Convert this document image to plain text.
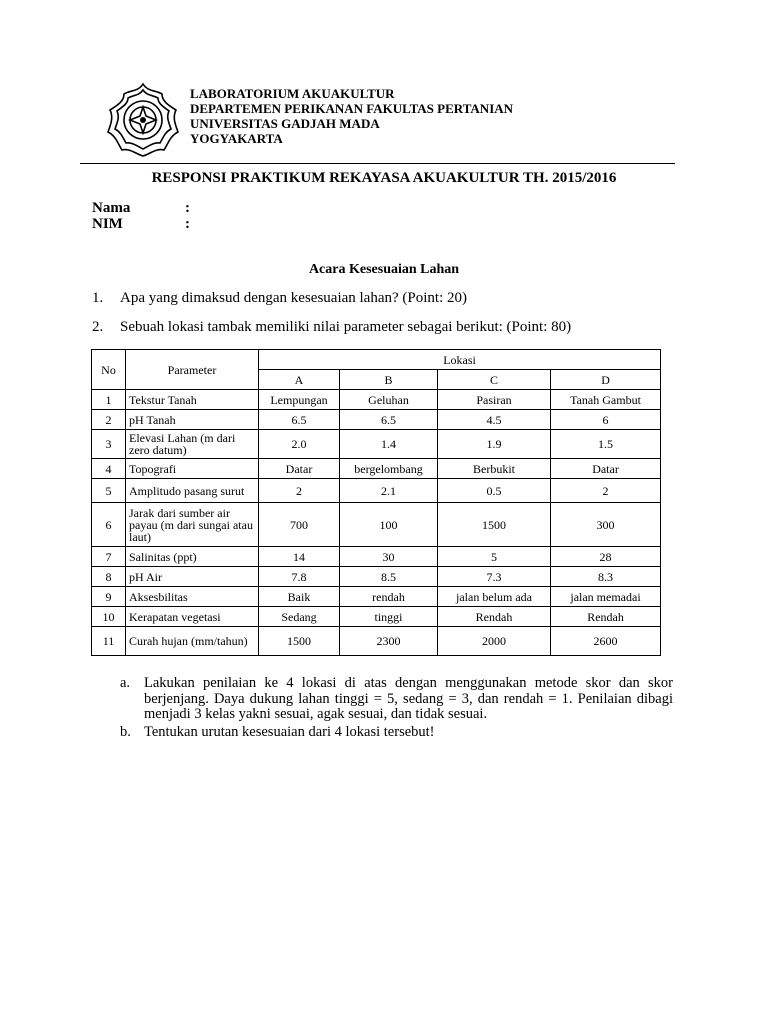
LABORATORIUM AKUAKULTUR
DEPARTEMEN PERIKANAN FAKULTAS PERTANIAN
UNIVERSITAS GADJAH MADA
YOGYAKARTA
RESPONSI PRAKTIKUM REKAYASA AKUAKULTUR TH. 2015/2016
Nama	:
NIM	:
Acara Kesesuaian Lahan
1. Apa yang dimaksud dengan kesesuaian lahan? (Point: 20)
2. Sebuah lokasi tambak memiliki nilai parameter sebagai berikut: (Point: 80)
No	Parameter	Lokasi			
		A	B	C	D
1	Tekstur Tanah	Lempungan	Geluhan	Pasiran	Tanah Gambut
2	pH Tanah	6.5	6.5	4.5	6
3	Elevasi Lahan (m dari zero datum)	2.0	1.4	1.9	1.5
4	Topografi	Datar	bergelombang	Berbukit	Datar
5	Amplitudo pasang surut	2	2.1	0.5	2
6	Jarak dari sumber air payau (m dari sungai atau laut)	700	100	1500	300
7	Salinitas (ppt)	14	30	5	28
8	pH Air	7.8	8.5	7.3	8.3
9	Aksesbilitas	Baik	rendah	jalan belum ada	jalan memadai
10	Kerapatan vegetasi	Sedang	tinggi	Rendah	Rendah
11	Curah hujan (mm/tahun)	1500	2300	2000	2600
a. Lakukan penilaian ke 4 lokasi di atas dengan menggunakan metode skor dan skor berjenjang. Daya dukung lahan tinggi = 5, sedang = 3, dan rendah = 1. Penilaian dibagi menjadi 3 kelas yakni sesuai, agak sesuai, dan tidak sesuai.
b. Tentukan urutan kesesuaian dari 4 lokasi tersebut!
